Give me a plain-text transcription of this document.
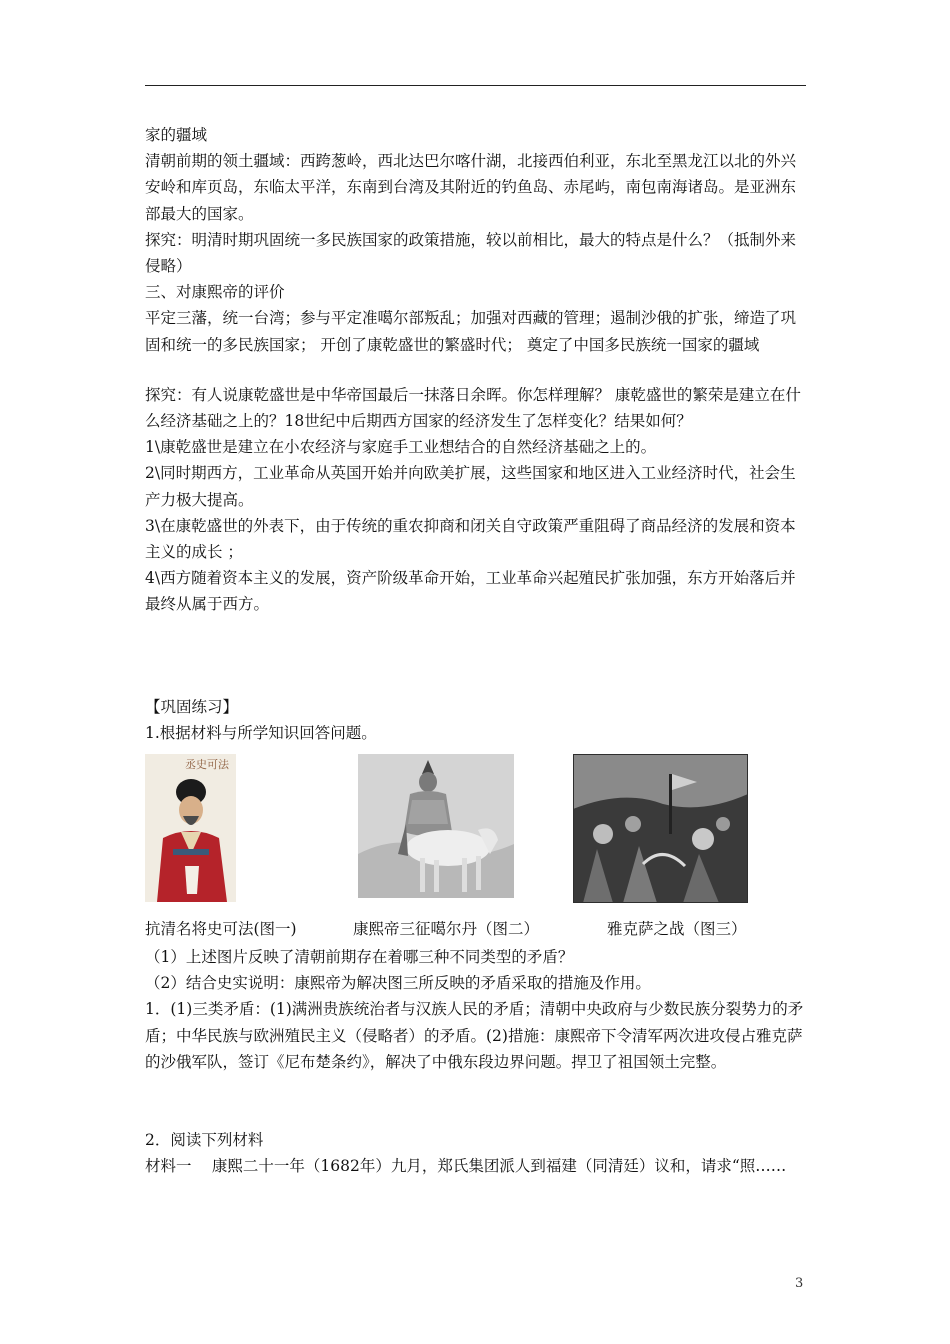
家的疆域

清朝前期的领土疆域：西跨葱岭，西北达巴尔喀什湖，北接西伯利亚，东北至黑龙江以北的外兴安岭和库页岛，东临太平洋，东南到台湾及其附近的钓鱼岛、赤尾屿，南包南海诸岛。是亚洲东部最大的国家。

探究：明清时期巩固统一多民族国家的政策措施，较以前相比，最大的特点是什么？（抵制外来侵略）

三、对康熙帝的评价

平定三藩，统一台湾；参与平定准噶尔部叛乱；加强对西藏的管理；遏制沙俄的扩张，缔造了巩固和统一的多民族国家； 开创了康乾盛世的繁盛时代； 奠定了中国多民族统一国家的疆域

探究：有人说康乾盛世是中华帝国最后一抹落日余晖。你怎样理解？ 康乾盛世的繁荣是建立在什么经济基础之上的？18世纪中后期西方国家的经济发生了怎样变化？结果如何？

1\康乾盛世是建立在小农经济与家庭手工业想结合的自然经济基础之上的。

2\同时期西方，工业革命从英国开始并向欧美扩展，这些国家和地区进入工业经济时代，社会生产力极大提高。

3\在康乾盛世的外表下，由于传统的重农抑商和闭关自守政策严重阻碍了商品经济的发展和资本主义的成长 ；

4\西方随着资本主义的发展，资产阶级革命开始，工业革命兴起殖民扩张加强，东方开始落后并最终从属于西方。

【巩固练习】

1.根据材料与所学知识回答问题。

丞史可法
抗清名将史可法(图一)	康熙帝三征噶尔丹（图二）	雅克萨之战（图三）

（1）上述图片反映了清朝前期存在着哪三种不同类型的矛盾？

（2）结合史实说明：康熙帝为解决图三所反映的矛盾采取的措施及作用。

1．(1)三类矛盾：(1)满洲贵族统治者与汉族人民的矛盾；清朝中央政府与少数民族分裂势力的矛盾；中华民族与欧洲殖民主义（侵略者）的矛盾。(2)措施：康熙帝下令清军两次进攻侵占雅克萨的沙俄军队，签订《尼布楚条约》，解决了中俄东段边界问题。捍卫了祖国领土完整。

2．阅读下列材料

材料一　 康熙二十一年（1682年）九月，郑氏集团派人到福建（同清廷）议和，请求“照……

3
